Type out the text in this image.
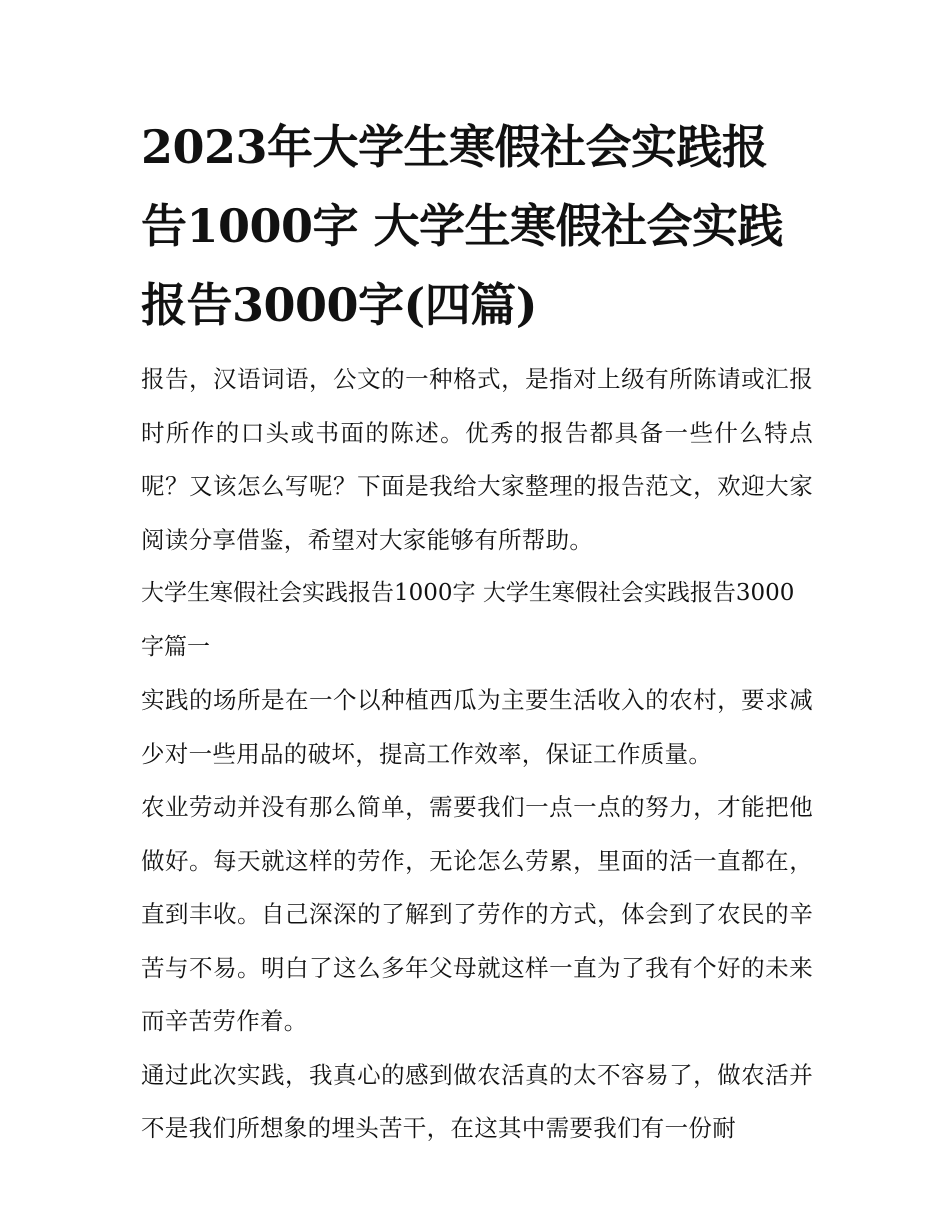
2023年大学生寒假社会实践报告1000字 大学生寒假社会实践报告3000字(四篇)

报告，汉语词语，公文的一种格式，是指对上级有所陈请或汇报时所作的口头或书面的陈述。优秀的报告都具备一些什么特点呢？又该怎么写呢？下面是我给大家整理的报告范文，欢迎大家阅读分享借鉴，希望对大家能够有所帮助。

大学生寒假社会实践报告1000字 大学生寒假社会实践报告3000字篇一

实践的场所是在一个以种植西瓜为主要生活收入的农村，要求减少对一些用品的破坏，提高工作效率，保证工作质量。

农业劳动并没有那么简单，需要我们一点一点的努力，才能把他做好。每天就这样的劳作，无论怎么劳累，里面的活一直都在，直到丰收。自己深深的了解到了劳作的方式，体会到了农民的辛苦与不易。明白了这么多年父母就这样一直为了我有个好的未来而辛苦劳作着。

通过此次实践，我真心的感到做农活真的太不容易了，做农活并不是我们所想象的埋头苦干，在这其中需要我们有一份耐
